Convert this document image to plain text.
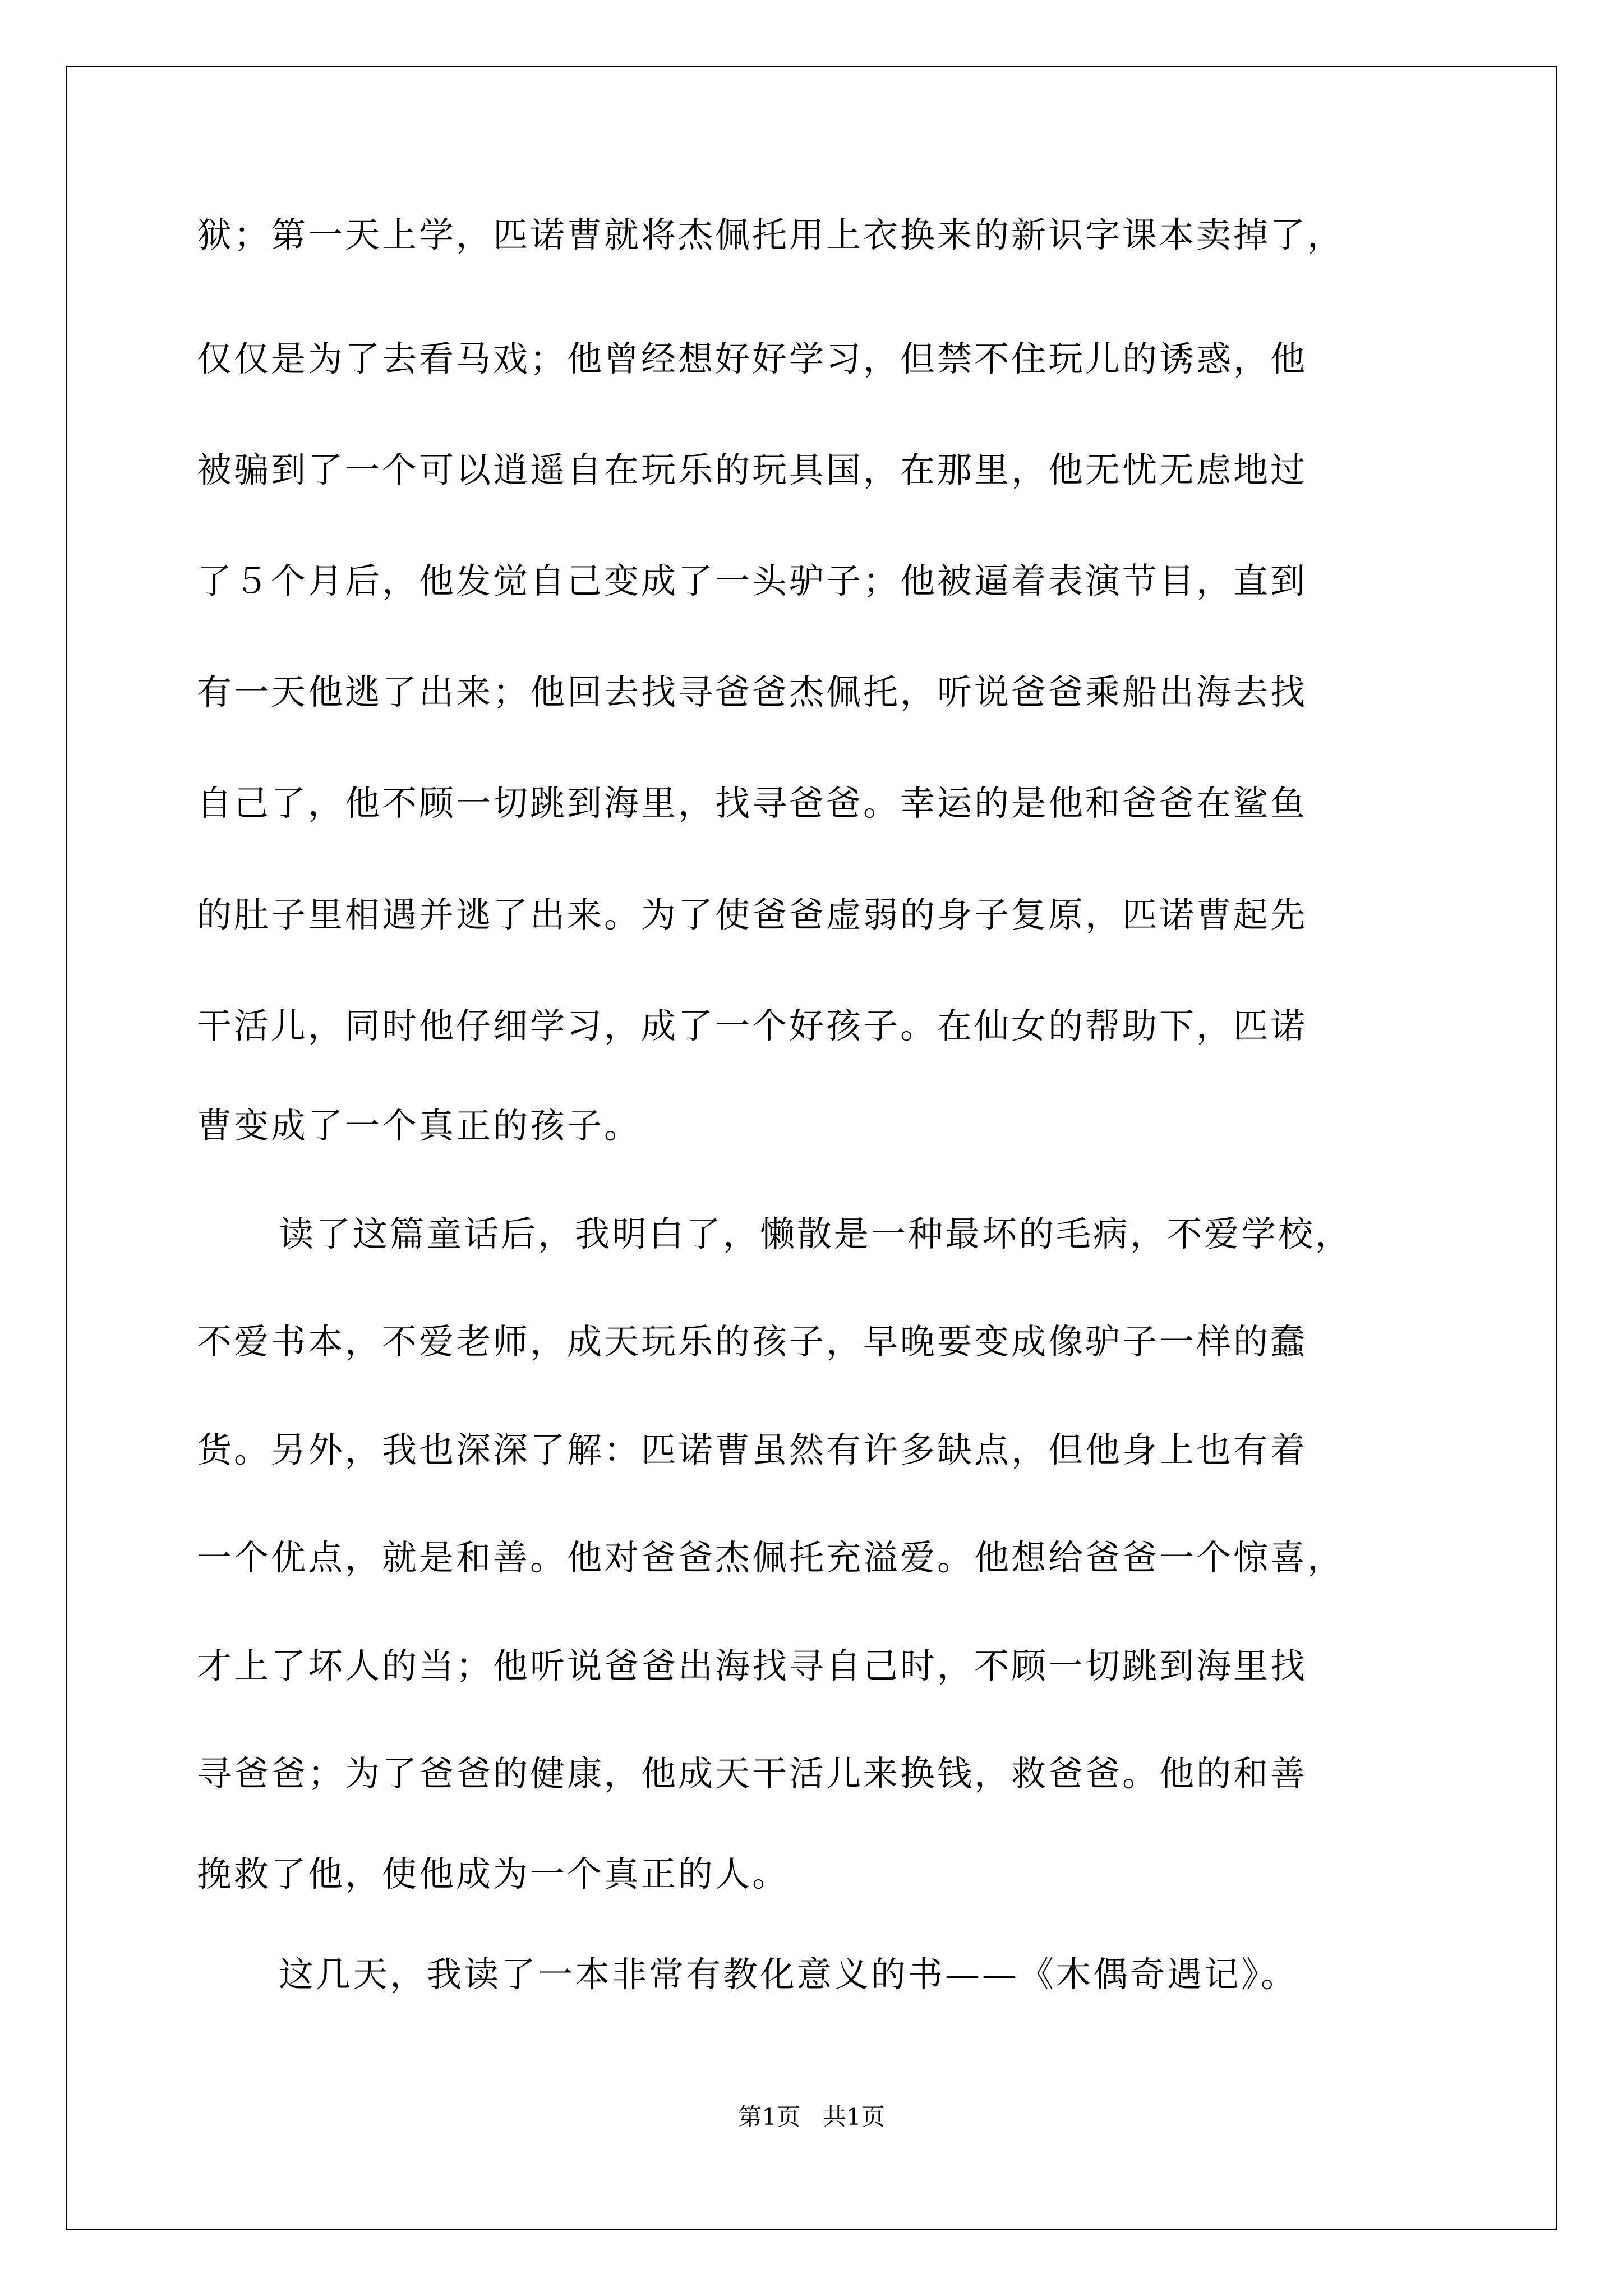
狱；第一天上学，匹诺曹就将杰佩托用上衣换来的新识字课本卖掉了，
仅仅是为了去看马戏；他曾经想好好学习，但禁不住玩儿的诱惑，他
被骗到了一个可以逍遥自在玩乐的玩具国，在那里，他无忧无虑地过
了５个月后，他发觉自己变成了一头驴子；他被逼着表演节目，直到
有一天他逃了出来；他回去找寻爸爸杰佩托，听说爸爸乘船出海去找
自己了，他不顾一切跳到海里，找寻爸爸。幸运的是他和爸爸在鲨鱼
的肚子里相遇并逃了出来。为了使爸爸虚弱的身子复原，匹诺曹起先
干活儿，同时他仔细学习，成了一个好孩子。在仙女的帮助下，匹诺
曹变成了一个真正的孩子。
读了这篇童话后，我明白了，懒散是一种最坏的毛病，不爱学校，
不爱书本，不爱老师，成天玩乐的孩子，早晚要变成像驴子一样的蠢
货。另外，我也深深了解：匹诺曹虽然有许多缺点，但他身上也有着
一个优点，就是和善。他对爸爸杰佩托充溢爱。他想给爸爸一个惊喜，
才上了坏人的当；他听说爸爸出海找寻自己时，不顾一切跳到海里找
寻爸爸；为了爸爸的健康，他成天干活儿来换钱，救爸爸。他的和善
挽救了他，使他成为一个真正的人。
这几天，我读了一本非常有教化意义的书——《木偶奇遇记》。
第1页   共1页
